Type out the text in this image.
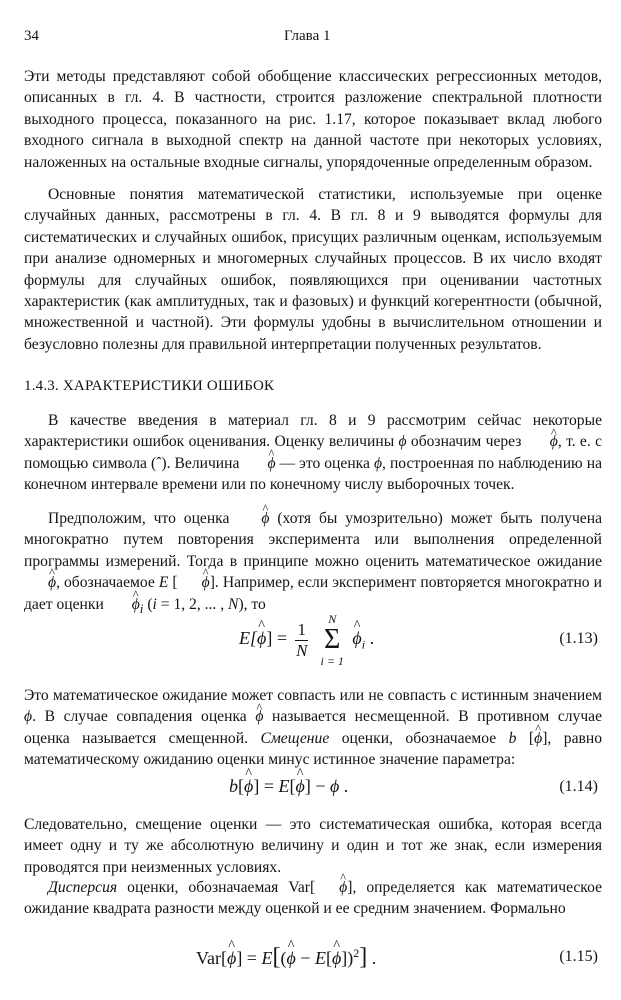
34	Глава 1

Эти методы представляют собой обобщение классических регрессионных методов, описанных в гл. 4. В частности, строится разложение спектральной плотности выходного процесса, показанного на рис. 1.17, которое показывает вклад любого входного сигнала в выходной спектр на данной частоте при некоторых условиях, наложенных на остальные входные сигналы, упорядоченные определенным образом.

Основные понятия математической статистики, используемые при оценке случайных данных, рассмотрены в гл. 4. В гл. 8 и 9 выводятся формулы для систематических и случайных ошибок, присущих различным оценкам, используемым при анализе одномерных и многомерных случайных процессов. В их число входят формулы для случайных ошибок, появляющихся при оценивании частотных характеристик (как амплитудных, так и фазовых) и функций когерентности (обычной, множественной и частной). Эти формулы удобны в вычислительном отношении и безусловно полезны для правильной интерпретации полученных результатов.

1.4.3. ХАРАКТЕРИСТИКИ ОШИБОК

В качестве введения в материал гл. 8 и 9 рассмотрим сейчас некоторые характеристики ошибок оценивания. Оценку величины ϕ обозначим через ^ ϕ, т. е. с помощью символа (ˆ). Величина ^ ϕ — это оценка ϕ, построенная по наблюдению на конечном интервале времени или по конечному числу выборочных точек.

Предположим, что оценка ^ ϕ (хотя бы умозрительно) может быть получена многократно путем повторения эксперимента или выполнения определенной программы измерений. Тогда в принципе можно оценить математическое ожидание ^ ϕ, обозначаемое E [ ^ ϕ]. Например, если эксперимент повторяется многократно и дает оценки ^ $\phi_i$ (i = 1, 2, ... , N), то

E[^ $\phi] = \frac{1}{N}$

N
Σ
i = 1
^ $\phi_i$ .	(1.13)

Это математическое ожидание может совпасть или не совпасть с истинным значением ϕ. В случае совпадения оценка ^ ϕ называется несмещенной. В противном случае оценка называется смещенной. Смещение оценки, обозначаемое b [^ ϕ], равно математическому ожиданию оценки минус истинное значение параметра:

b[^ ϕ] = E[^ ϕ] − ϕ .	(1.14)

Следовательно, смещение оценки — это систематическая ошибка, которая всегда имеет одну и ту же абсолютную величину и один и тот же знак, если измерения проводятся при неизменных условиях.

Дисперсия оценки, обозначаемая Var[ ^ ϕ], определяется как математическое ожидание квадрата разности между оценкой и ее средним значением. Формально

Var[^ ϕ] = E[(^ ϕ − E[^ ϕ])$^2$] .	(1.15)
